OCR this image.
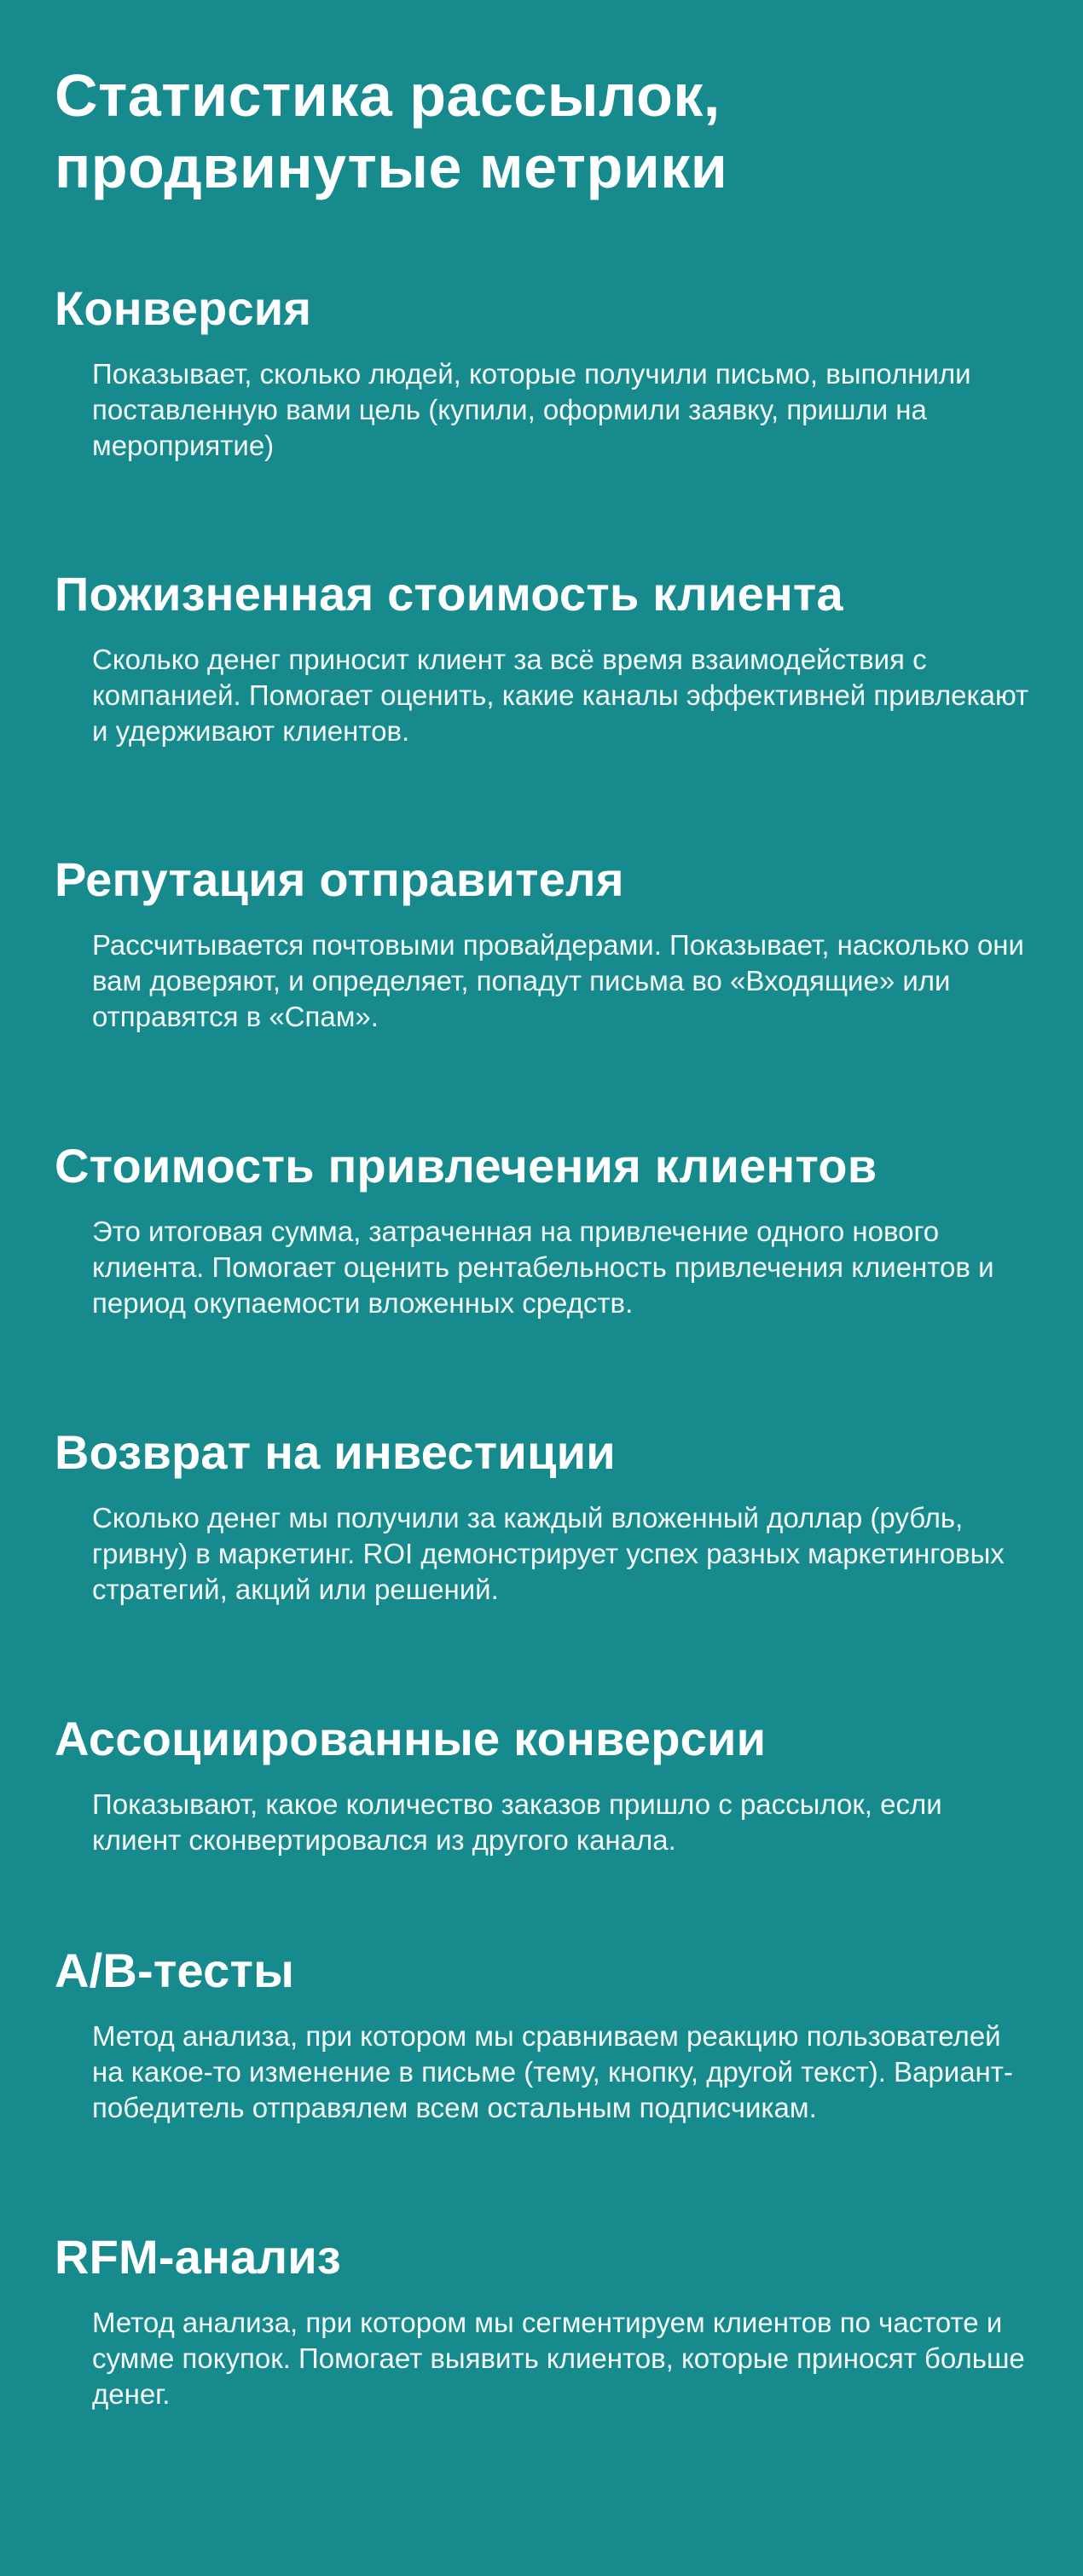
Статистика рассылок,
продвинутые метрики
Конверсия

Показывает, сколько людей, которые получили письмо, выполнили поставленную вами цель (купили, оформили заявку, пришли на мероприятие)

Пожизненная стоимость клиента

Сколько денег приносит клиент за всё время взаимодействия с компанией. Помогает оценить, какие каналы эффективней привлекают и удерживают клиентов.

Репутация отправителя

Рассчитывается почтовыми провайдерами. Показывает, насколько они вам доверяют, и определяет, попадут письма во «Входящие» или отправятся в «Спам».

Стоимость привлечения клиентов

Это итоговая сумма, затраченная на привлечение одного нового клиента. Помогает оценить рентабельность привлечения клиентов и период окупаемости вложенных средств.

Возврат на инвестиции

Сколько денег мы получили за каждый вложенный доллар (рубль, гривну) в маркетинг. ROI демонстрирует успех разных маркетинговых стратегий, акций или решений.

Ассоциированные конверсии

Показывают, какое количество заказов пришло с рассылок, если клиент сконвертировался из другого канала.

A/B-тесты

Метод анализа, при котором мы сравниваем реакцию пользователей на какое-то изменение в письме (тему, кнопку, другой текст). Вариант-победитель отправялем всем остальным подписчикам.

RFM-анализ

Метод анализа, при котором мы сегментируем клиентов по частоте и сумме покупок. Помогает выявить клиентов, которые приносят больше денег.
